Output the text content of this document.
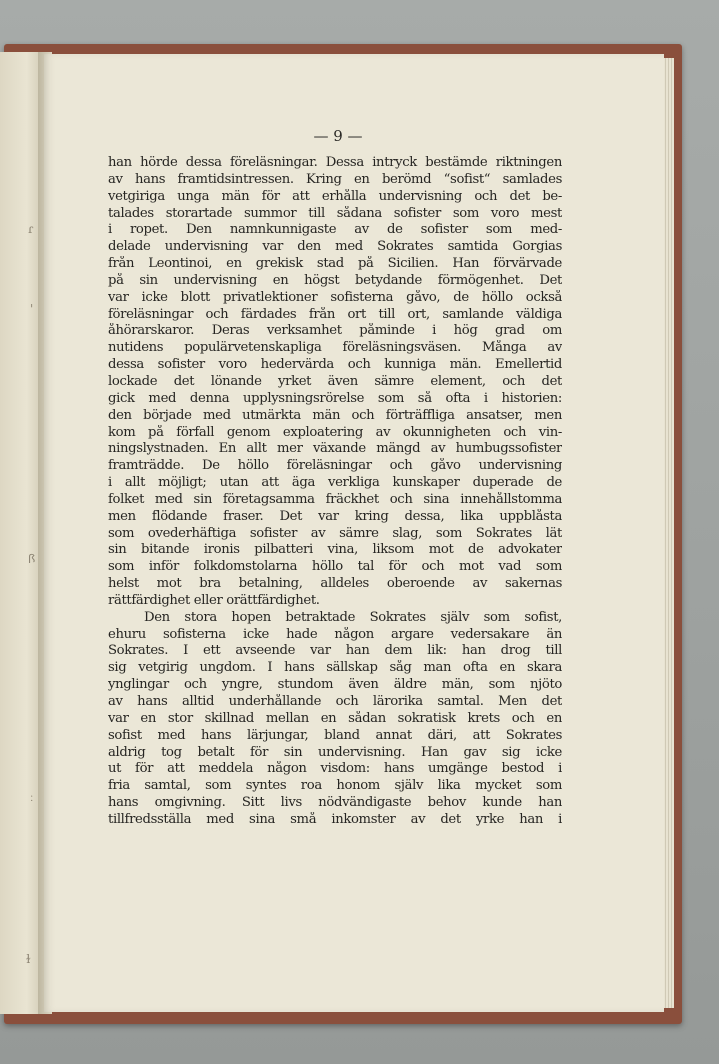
ɾ
'
ꟗ
˸
ɫ
— 9 —
han hörde dessa föreläsningar. Dessa intryck bestämde riktningen
av hans framtidsintressen. Kring en berömd “sofist“ samlades
vetgiriga unga män för att erhålla undervisning och det be-
talades storartade summor till sådana sofister som voro mest
i ropet. Den namnkunnigaste av de sofister som med-
delade undervisning var den med Sokrates samtida Gorgias
från Leontinoi, en grekisk stad på Sicilien. Han förvärvade
på sin undervisning en högst betydande förmögenhet. Det
var icke blott privatlektioner sofisterna gåvo, de höllo också
föreläsningar och färdades från ort till ort, samlande väldiga
åhörarskaror. Deras verksamhet påminde i hög grad om
nutidens populärvetenskapliga föreläsningsväsen. Många av
dessa sofister voro hedervärda och kunniga män. Emellertid
lockade det lönande yrket även sämre element, och det
gick med denna upplysningsrörelse som så ofta i historien:
den började med utmärkta män och förträffliga ansatser, men
kom på förfall genom exploatering av okunnigheten och vin-
ningslystnaden. En allt mer växande mängd av humbugssofister
framträdde. De höllo föreläsningar och gåvo undervisning
i allt möjligt; utan att äga verkliga kunskaper duperade de
folket med sin företagsamma fräckhet och sina innehållstomma
men flödande fraser. Det var kring dessa, lika uppblåsta
som ovederhäftiga sofister av sämre slag, som Sokrates lät
sin bitande ironis pilbatteri vina, liksom mot de advokater
som inför folkdomstolarna höllo tal för och mot vad som
helst mot bra betalning, alldeles oberoende av sakernas
rättfärdighet eller orättfärdighet.
Den stora hopen betraktade Sokrates själv som sofist,
ehuru sofisterna icke hade någon argare vedersakare än
Sokrates. I ett avseende var han dem lik: han drog till
sig vetgirig ungdom. I hans sällskap såg man ofta en skara
ynglingar och yngre, stundom även äldre män, som njöto
av hans alltid underhållande och lärorika samtal. Men det
var en stor skillnad mellan en sådan sokratisk krets och en
sofist med hans lärjungar, bland annat däri, att Sokrates
aldrig tog betalt för sin undervisning. Han gav sig icke
ut för att meddela någon visdom: hans umgänge bestod i
fria samtal, som syntes roa honom själv lika mycket som
hans omgivning. Sitt livs nödvändigaste behov kunde han
tillfredsställa med sina små inkomster av det yrke han i
